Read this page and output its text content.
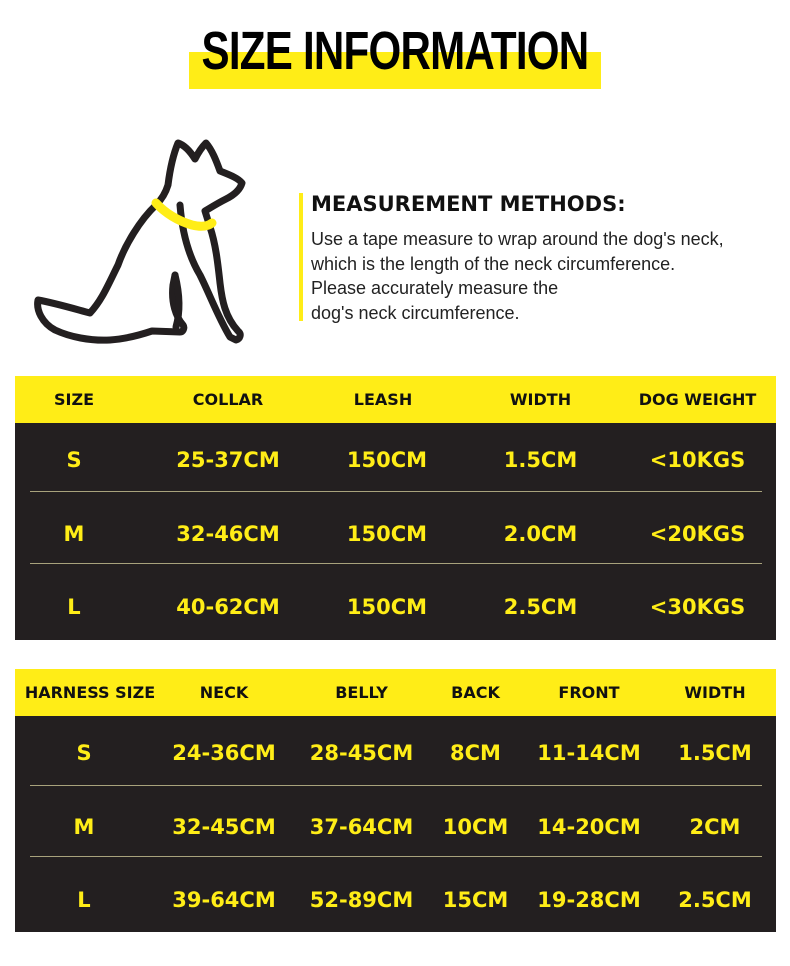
SIZE INFORMATION
MEASUREMENT METHODS:
Use a tape measure to wrap around the dog's neck,
which is the length of the neck circumference.
Please accurately measure the
dog's neck circumference.
SIZE	COLLAR	LEASH	WIDTH	DOG WEIGHT
S	25-37CM	150CM	1.5CM	<10KGS
M	32-46CM	150CM	2.0CM	<20KGS
L	40-62CM	150CM	2.5CM	<30KGS
HARNESS SIZE	NECK	BELLY	BACK	FRONT	WIDTH
S	24-36CM	28-45CM	8CM	11-14CM	1.5CM
M	32-45CM	37-64CM	10CM	14-20CM	2CM
L	39-64CM	52-89CM	15CM	19-28CM	2.5CM
